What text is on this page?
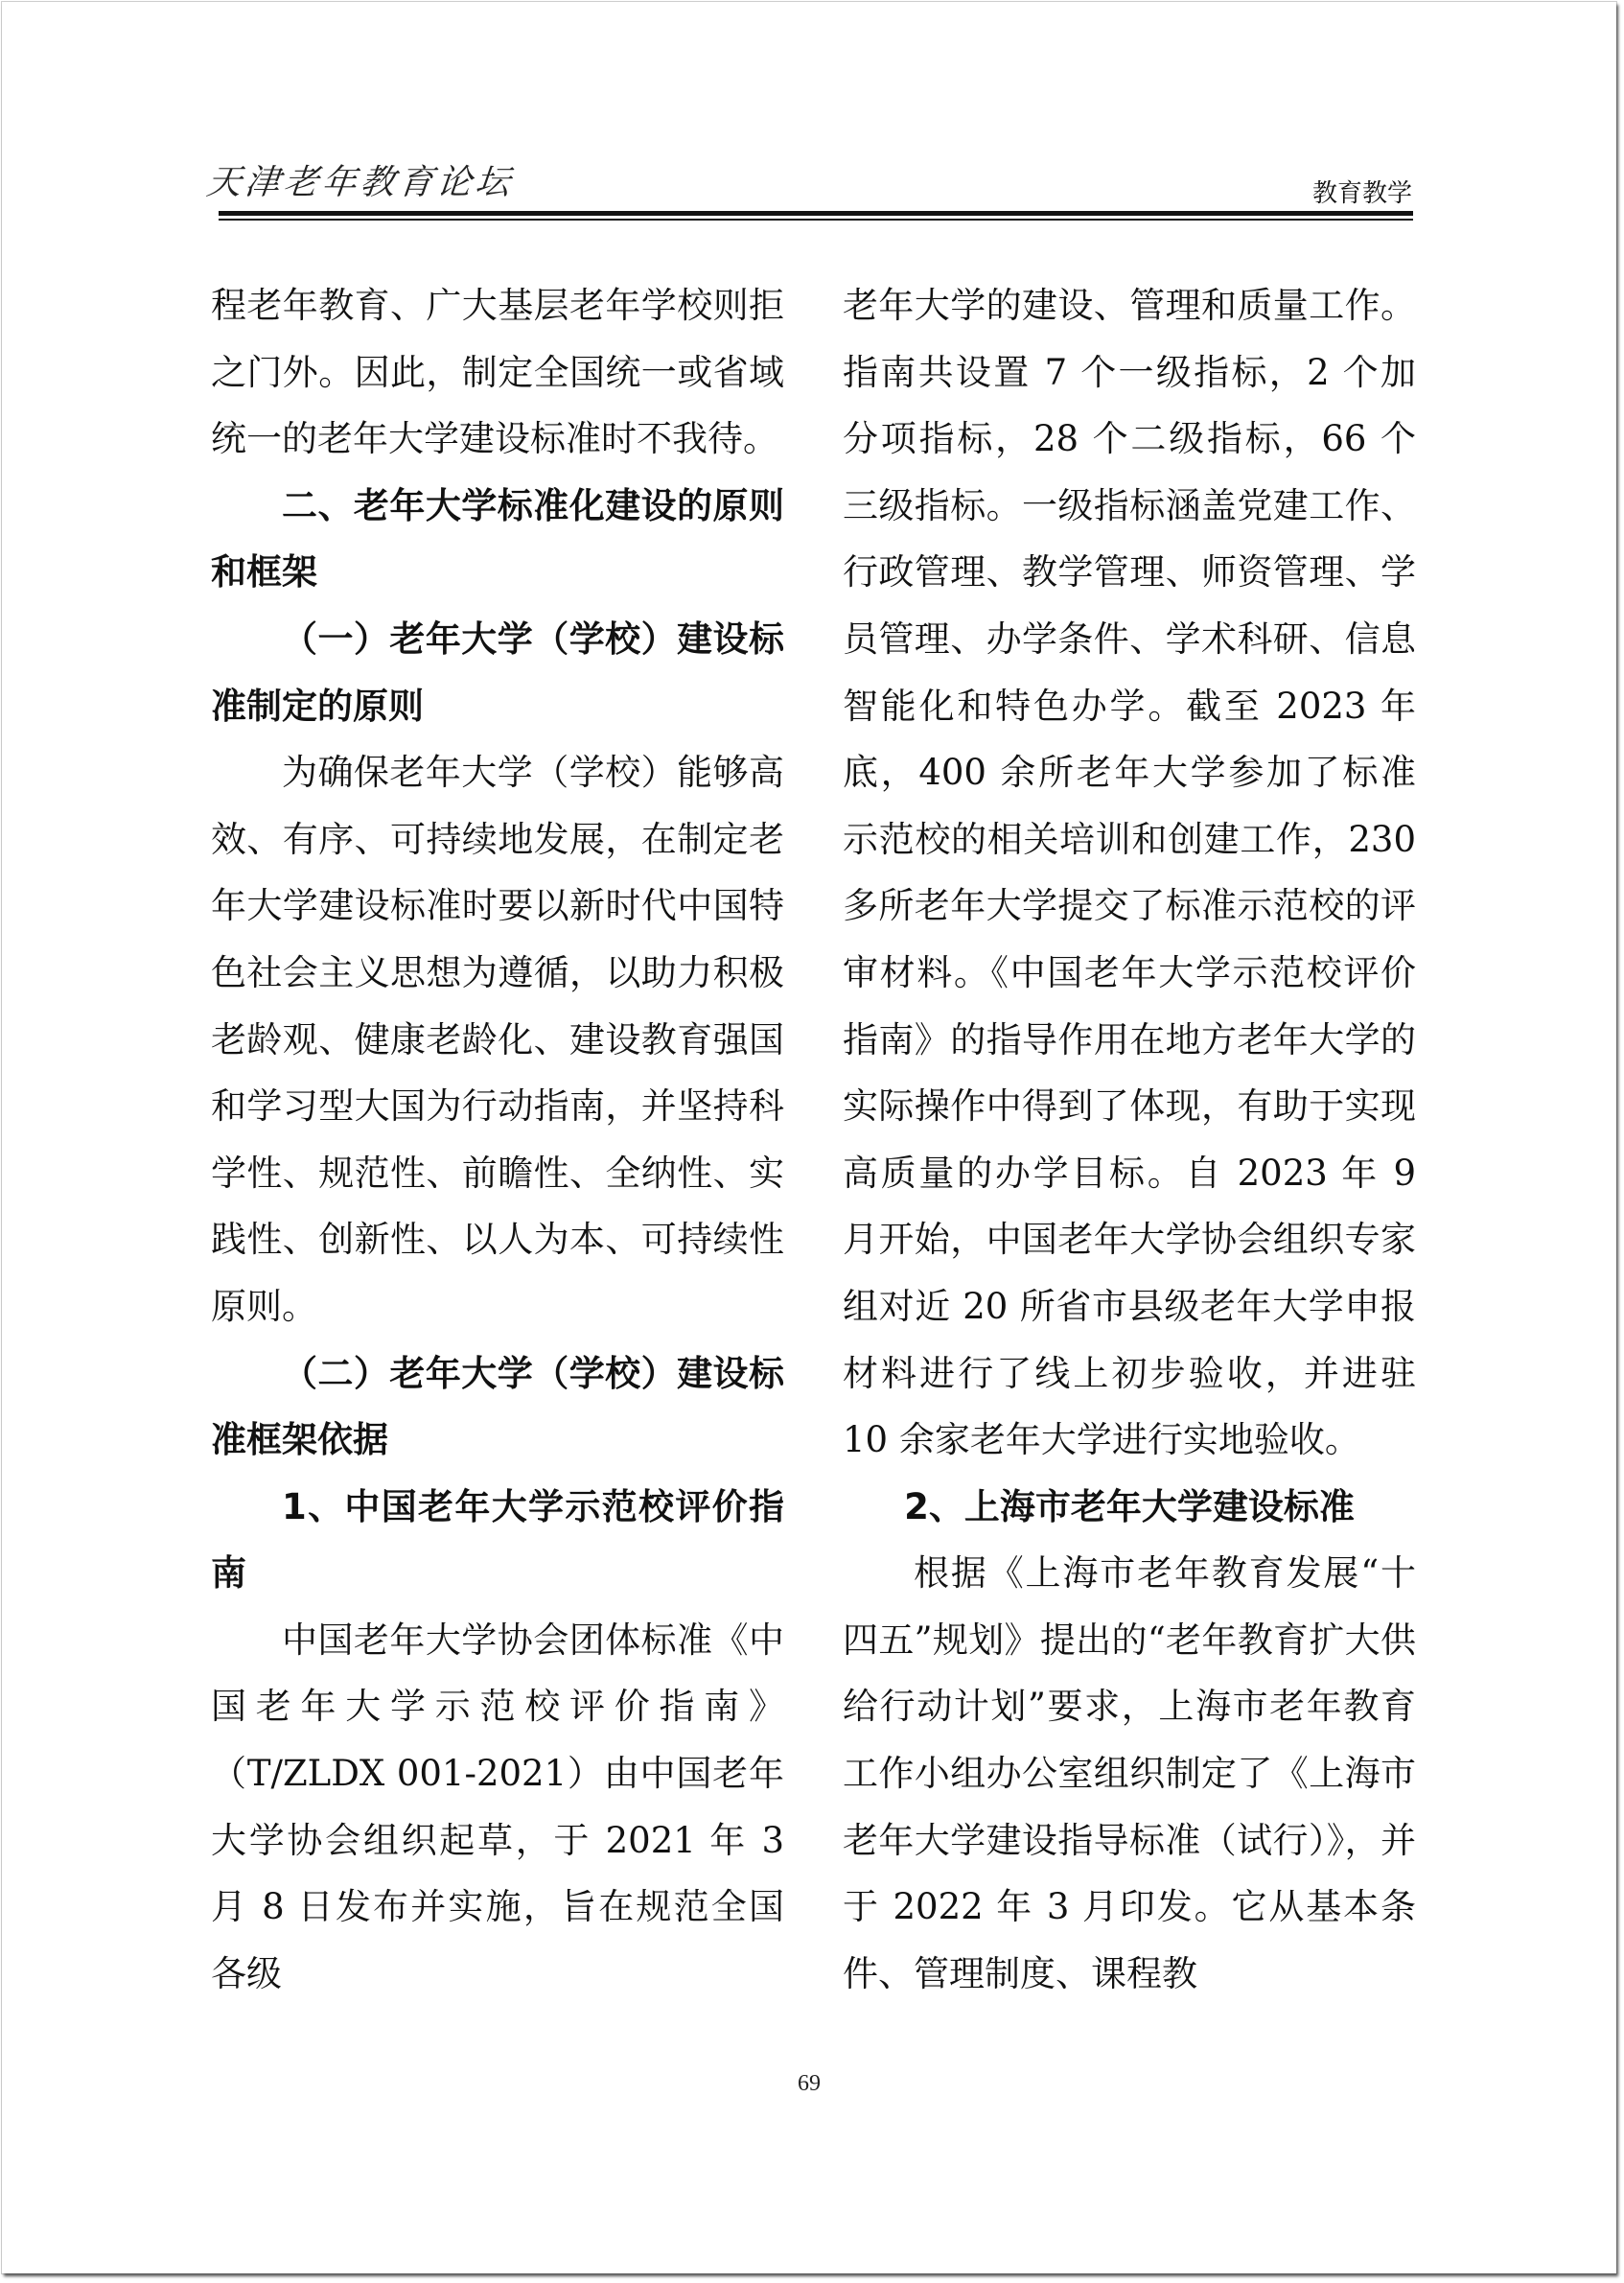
天津老年教育论坛	教育教学

程老年教育、广大基层老年学校则拒之门外。因此，制定全国统一或省域统一的老年大学建设标准时不我待。

二、老年大学标准化建设的原则和框架

（一）老年大学（学校）建设标准制定的原则

为确保老年大学（学校）能够高效、有序、可持续地发展，在制定老年大学建设标准时要以新时代中国特色社会主义思想为遵循，以助力积极老龄观、健康老龄化、建设教育强国和学习型大国为行动指南，并坚持科学性、规范性、前瞻性、全纳性、实践性、创新性、以人为本、可持续性原则。

（二）老年大学（学校）建设标准框架依据

1、中国老年大学示范校评价指南

中国老年大学协会团体标准《中国老年大学示范校评价指南》（T/ZLDX 001-2021）由中国老年大学协会组织起草，于 2021 年 3 月 8 日发布并实施，旨在规范全国各级

老年大学的建设、管理和质量工作。指南共设置 7 个一级指标，2 个加分项指标，28 个二级指标，66 个三级指标。一级指标涵盖党建工作、行政管理、教学管理、师资管理、学员管理、办学条件、学术科研、信息智能化和特色办学。截至 2023 年底，400 余所老年大学参加了标准示范校的相关培训和创建工作，230 多所老年大学提交了标准示范校的评审材料。《中国老年大学示范校评价指南》的指导作用在地方老年大学的实际操作中得到了体现，有助于实现高质量的办学目标。自 2023 年 9 月开始，中国老年大学协会组织专家组对近 20 所省市县级老年大学申报材料进行了线上初步验收，并进驻 10 余家老年大学进行实地验收。

2、上海市老年大学建设标准

根据《上海市老年教育发展“十四五”规划》提出的“老年教育扩大供给行动计划”要求，上海市老年教育工作小组办公室组织制定了《上海市老年大学建设指导标准（试行）》，并于 2022 年 3 月印发。它从基本条件、管理制度、课程教

69
